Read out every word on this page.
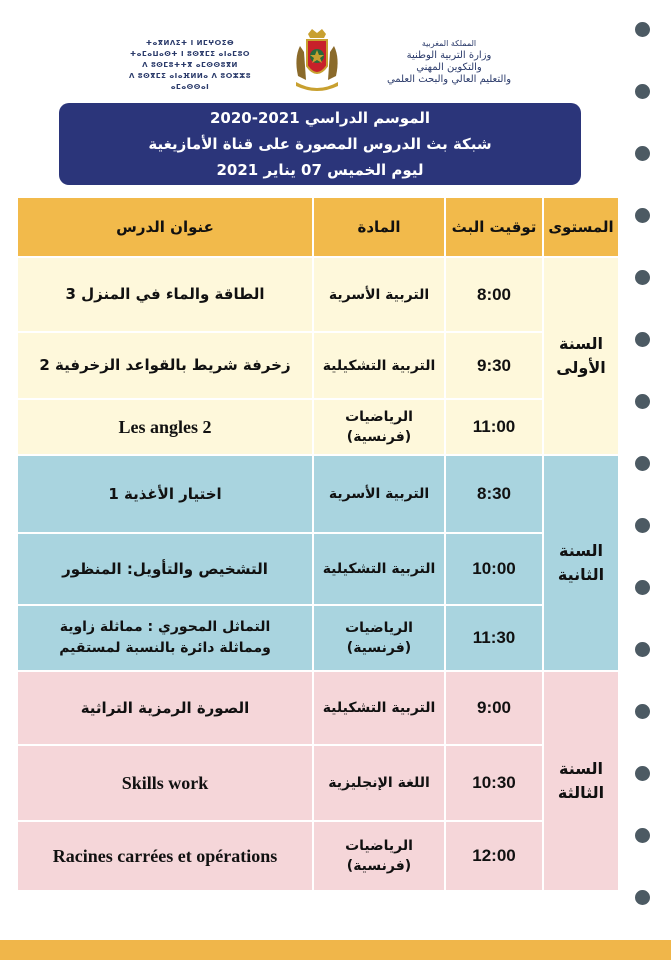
ⵜⴰⴳⵍⴷⵉⵜ ⵏ ⵍⵎⵖⵔⵉⴱ
ⵜⴰⵎⴰⵡⴰⵙⵜ ⵏ ⵓⵙⴳⵎⵉ ⴰⵏⴰⵎⵓⵔ
ⴷ ⵓⵙⵎⵓⵜⵜⴳ ⴰⵎⵙⵙⵓⴳⵍ
ⴷ ⵓⵙⴳⵎⵉ ⴰⵏⴰⴼⵍⵍⴰ ⴷ ⵓⵔⵣⵣⵓ ⴰⵎⴰⵙⵙⴰⵏ
المملكة المغربية
وزارة التربية الوطنية
والتكوين المهني
والتعليم العالي والبحث العلمي
الموسم الدراسي 2021-2020
شبكة بث الدروس المصورة على قناة الأمازيغية
ليوم الخميس 07 يناير 2021
عنوان الدرس	المادة	توقيت البث	المستوى
الطاقة والماء في المنزل 3	التربية الأسرية	8:00	السنة الأولى

زخرفة شريط بالقواعد الزخرفية 2	التربية التشكيلية	9:30	
Les angles 2	الرياضيات (فرنسية)	11:00	
اختيار الأغذية 1	التربية الأسرية	8:30	السنة الثانية

التشخيص والتأويل: المنظور	التربية التشكيلية	10:00	
التماثل المحوري : مماثلة زاوية ومماثلة دائرة بالنسبة لمستقيم	الرياضيات (فرنسية)	11:30	
الصورة الرمزية التراثية	التربية التشكيلية	9:00	السنة الثالثة

Skills work	اللغة الإنجليزية	10:30	
Racines carrées et opérations	الرياضيات (فرنسية)	12:00	
